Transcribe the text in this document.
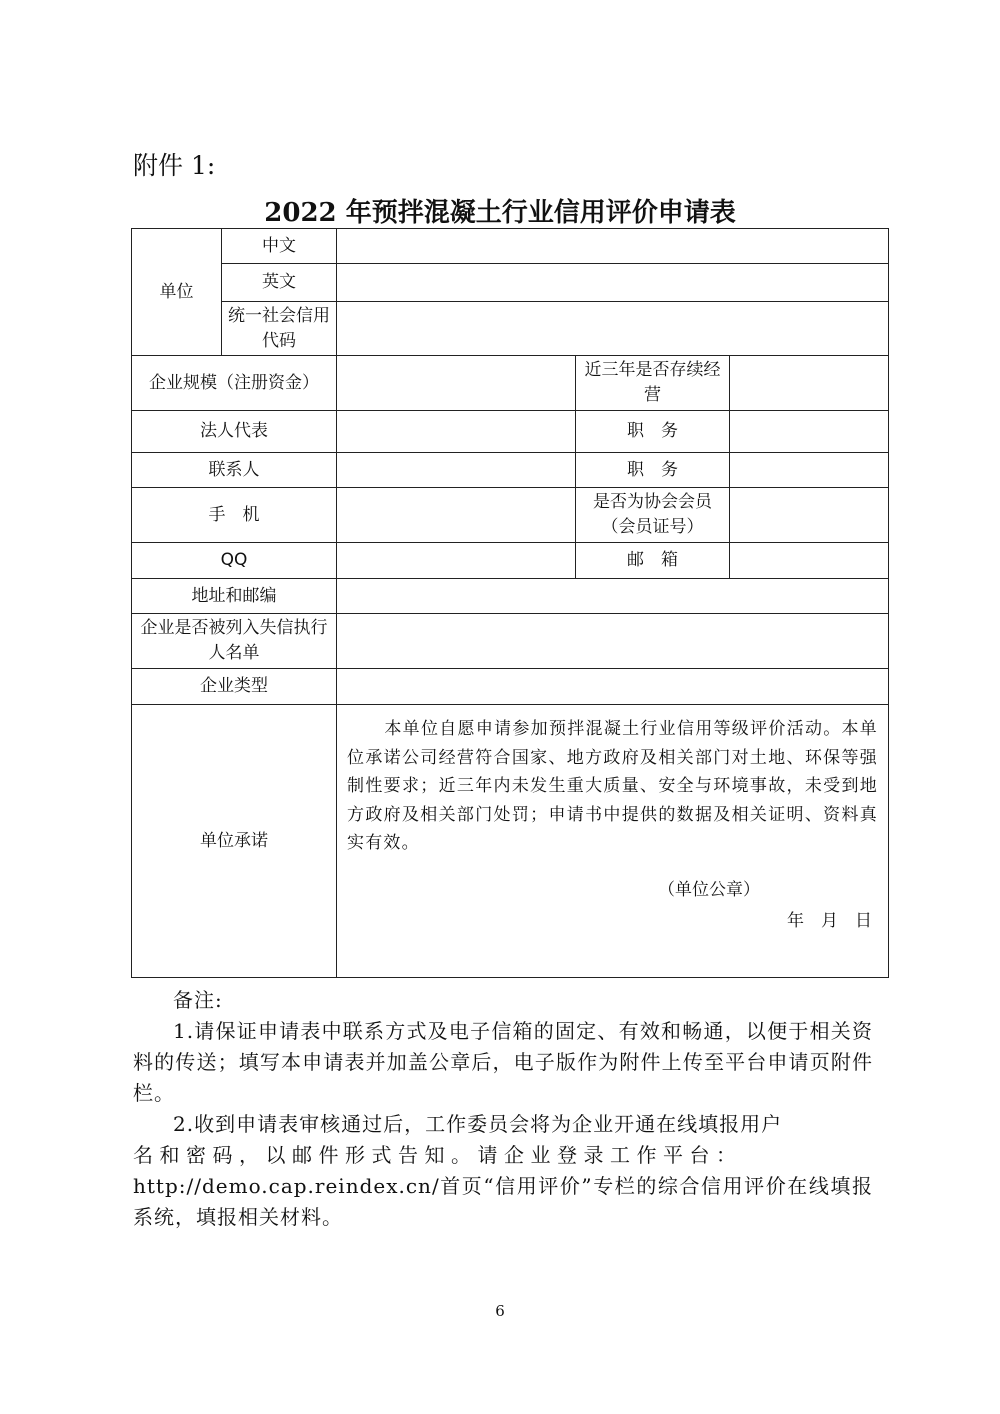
附件 1:
2022 年预拌混凝土行业信用评价申请表
单位	中文			
	英文			
	统一社会信用代码			
企业规模（注册资金）			近三年是否存续经营	
法人代表			职　务	
联系人			职　务	
手　机			是否为协会会员（会员证号）	
QQ			邮　箱	
地址和邮编				
企业是否被列入失信执行人名单				
企业类型				
单位承诺		本单位自愿申请参加预拌混凝土行业信用等级评价活动。本单位承诺公司经营符合国家、地方政府及相关部门对土地、环保等强制性要求；近三年内未发生重大质量、安全与环境事故，未受到地方政府及相关部门处罚；申请书中提供的数据及相关证明、资料真实有效。
（单位公章）
年　月　日		

备注:

1.请保证申请表中联系方式及电子信箱的固定、有效和畅通，以便于相关资料的传送；填写本申请表并加盖公章后，电子版作为附件上传至平台申请页附件栏。

2.收到申请表审核通过后，工作委员会将为企业开通在线填报用户

名和密码，以邮件形式告知。请企业登录工作平台：

http://demo.cap.reindex.cn/首页“信用评价”专栏的综合信用评价在线填报系统，填报相关材料。

6
